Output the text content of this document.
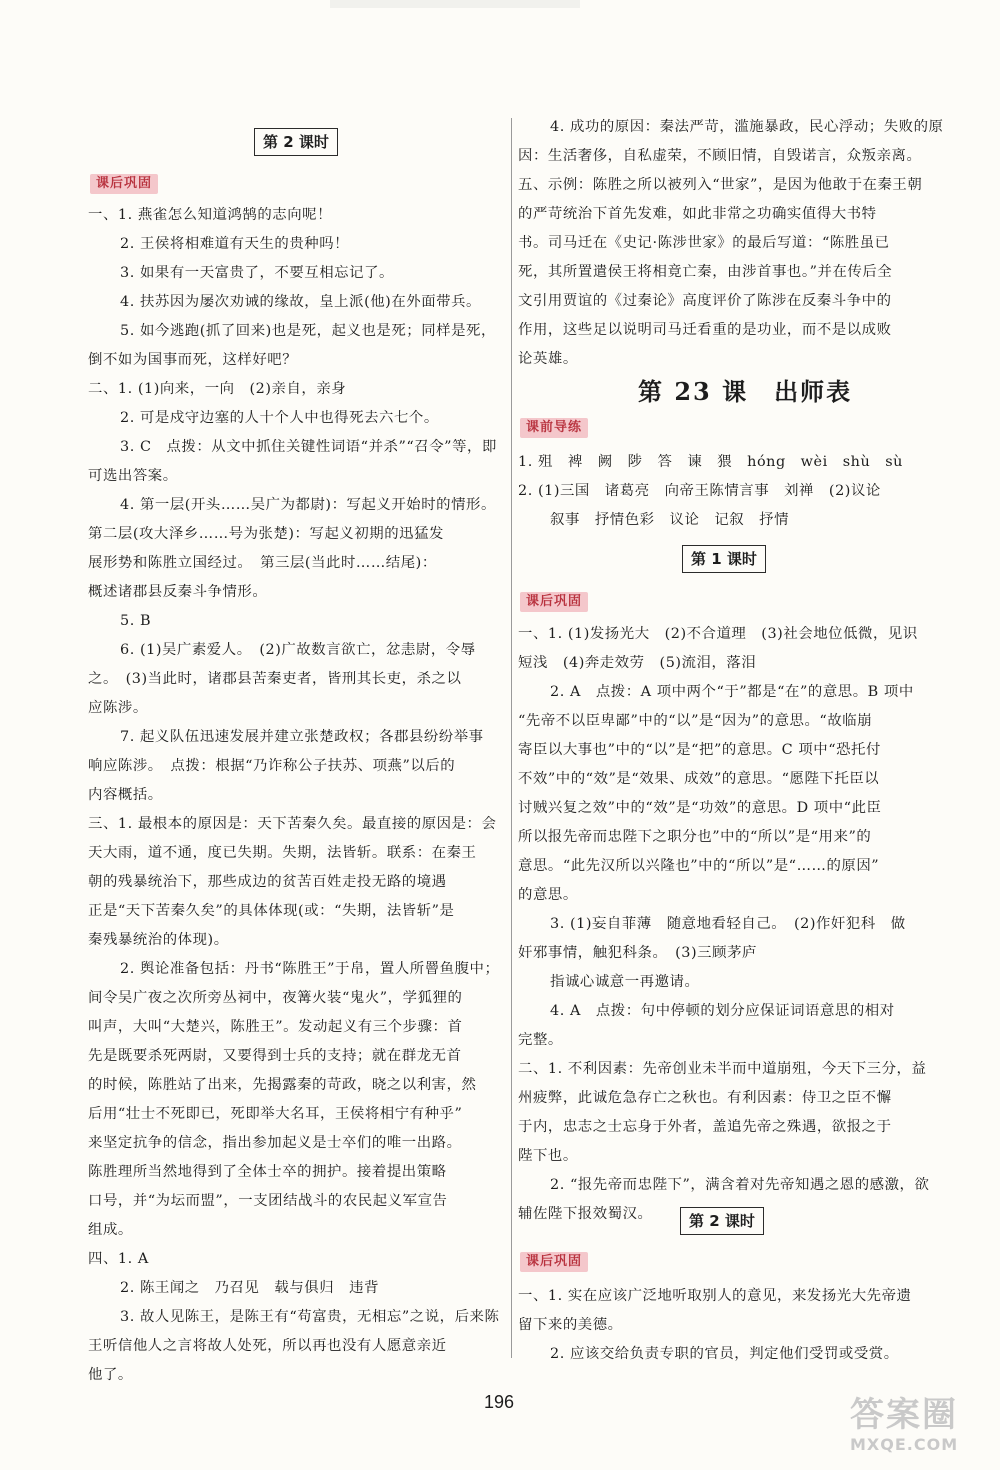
第 2 课时
课后巩固
一、1. 燕雀怎么知道鸿鹄的志向呢！
2. 王侯将相难道有天生的贵种吗！
3. 如果有一天富贵了，不要互相忘记了。
4. 扶苏因为屡次劝诫的缘故，皇上派(他)在外面带兵。
5. 如今逃跑(抓了回来)也是死，起义也是死；同样是死，
倒不如为国事而死，这样好吧？
二、1. (1)向来，一向　(2)亲自，亲身
2. 可是戍守边塞的人十个人中也得死去六七个。
3. C　点拨：从文中抓住关键性词语“并杀”“召令”等，即
可选出答案。
4. 第一层(开头……吴广为都尉)：写起义开始时的情形。
第二层(攻大泽乡……号为张楚)：写起义初期的迅猛发
展形势和陈胜立国经过。　第三层(当此时……结尾)：
概述诸郡县反秦斗争情形。
5. B
6. (1)吴广素爱人。　(2)广故数言欲亡，忿恚尉，令辱
之。　(3)当此时，诸郡县苦秦吏者，皆刑其长吏，杀之以
应陈涉。
7. 起义队伍迅速发展并建立张楚政权；各郡县纷纷举事
响应陈涉。　点拨：根据“乃诈称公子扶苏、项燕”以后的
内容概括。
三、1. 最根本的原因是：天下苦秦久矣。最直接的原因是：会
天大雨，道不通，度已失期。失期，法皆斩。联系：在秦王
朝的残暴统治下，那些成边的贫苦百姓走投无路的境遇
正是“天下苦秦久矣”的具体体现(或：“失期，法皆斩”是
秦残暴统治的体现)。
2. 舆论准备包括：丹书“陈胜王”于帛，置人所罾鱼腹中；
间令吴广夜之次所旁丛祠中，夜篝火装“鬼火”，学狐狸的
叫声，大叫“大楚兴，陈胜王”。发动起义有三个步骤：首
先是既要杀死两尉，又要得到士兵的支持；就在群龙无首
的时候，陈胜站了出来，先揭露秦的苛政，晓之以利害，然
后用“壮士不死即已，死即举大名耳，王侯将相宁有种乎”
来坚定抗争的信念，指出参加起义是士卒们的唯一出路。
陈胜理所当然地得到了全体士卒的拥护。接着提出策略
口号，并“为坛而盟”，一支团结战斗的农民起义军宣告
组成。
四、1. A
2. 陈王闻之　乃召见　载与俱归　违背
3. 故人见陈王，是陈王有“苟富贵，无相忘”之说，后来陈
王听信他人之言将故人处死，所以再也没有人愿意亲近
他了。
4. 成功的原因：秦法严苛，滥施暴政，民心浮动；失败的原
因：生活奢侈，自私虚荣，不顾旧情，自毁诺言，众叛亲离。
五、示例：陈胜之所以被列入“世家”，是因为他敢于在秦王朝
的严苛统治下首先发难，如此非常之功确实值得大书特
书。司马迁在《史记·陈涉世家》的最后写道：“陈胜虽已
死，其所置遣侯王将相竟亡秦，由涉首事也。”并在传后全
文引用贾谊的《过秦论》高度评价了陈涉在反秦斗争中的
作用，这些足以说明司马迁看重的是功业，而不是以成败
论英雄。
第 23 课　出师表
课前导练
1. 殂　裨　阙　陟　答　谏　猥　hóng　wèi　shù　sù
2. (1)三国　诸葛亮　向帝王陈情言事　刘禅　(2)议论
叙事　抒情色彩　议论　记叙　抒情
第 1 课时
课后巩固
一、1. (1)发扬光大　(2)不合道理　(3)社会地位低微，见识
短浅　(4)奔走效劳　(5)流泪，落泪
2. A　点拨：A 项中两个“于”都是“在”的意思。B 项中
“先帝不以臣卑鄙”中的“以”是“因为”的意思。“故临崩
寄臣以大事也”中的“以”是“把”的意思。C 项中“恐托付
不效”中的“效”是“效果、成效”的意思。“愿陛下托臣以
讨贼兴复之效”中的“效”是“功效”的意思。D 项中“此臣
所以报先帝而忠陛下之职分也”中的“所以”是“用来”的
意思。“此先汉所以兴隆也”中的“所以”是“……的原因”
的意思。
3. (1)妄自菲薄　随意地看轻自己。　(2)作奸犯科　做
奸邪事情，触犯科条。　(3)三顾茅庐
指诚心诚意一再邀请。
4. A　点拨：句中停顿的划分应保证词语意思的相对
完整。
二、1. 不利因素：先帝创业未半而中道崩殂，今天下三分，益
州疲弊，此诚危急存亡之秋也。有利因素：侍卫之臣不懈
于内，忠志之士忘身于外者，盖追先帝之殊遇，欲报之于
陛下也。
2. “报先帝而忠陛下”，满含着对先帝知遇之恩的感激，欲
辅佐陛下报效蜀汉。	第 2 课时
课后巩固
一、1. 实在应该广泛地听取别人的意见，来发扬光大先帝遗
留下来的美德。
2. 应该交给负责专职的官员，判定他们受罚或受赏。
196	答案圈
MXQE.COM
